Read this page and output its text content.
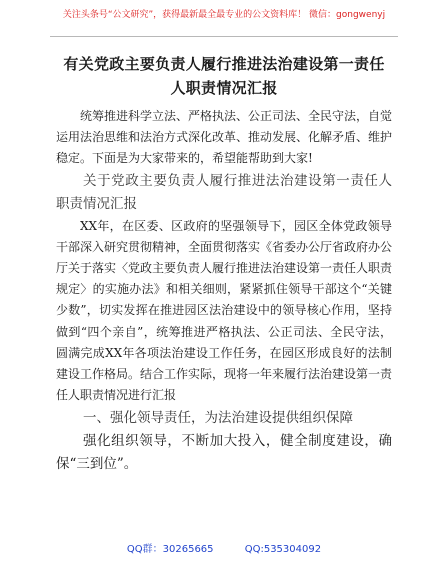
关注头条号“公文研究”，获得最新最全最专业的公文资料库！ 微信：gongwenyj
有关党政主要负责人履行推进法治建设第一责任人职责情况汇报

统筹推进科学立法、严格执法、公正司法、全民守法，自觉运用法治思维和法治方式深化改革、推动发展、化解矛盾、维护稳定。下面是为大家带来的，希望能帮助到大家!

关于党政主要负责人履行推进法治建设第一责任人职责情况汇报

XX年，在区委、区政府的坚强领导下，园区全体党政领导干部深入研究贯彻精神，全面贯彻落实《省委办公厅省政府办公厅关于落实〈党政主要负责人履行推进法治建设第一责任人职责规定〉的实施办法》和相关细则，紧紧抓住领导干部这个“关键少数”，切实发挥在推进园区法治建设中的领导核心作用，坚持做到“四个亲自”，统筹推进严格执法、公正司法、全民守法，圆满完成XX年各项法治建设工作任务，在园区形成良好的法制建设工作格局。结合工作实际，现将一年来履行法治建设第一责任人职责情况进行汇报

一、强化领导责任，为法治建设提供组织保障

强化组织领导，不断加大投入，健全制度建设，确保“三到位”。

QQ群：30265665	QQ:535304092
